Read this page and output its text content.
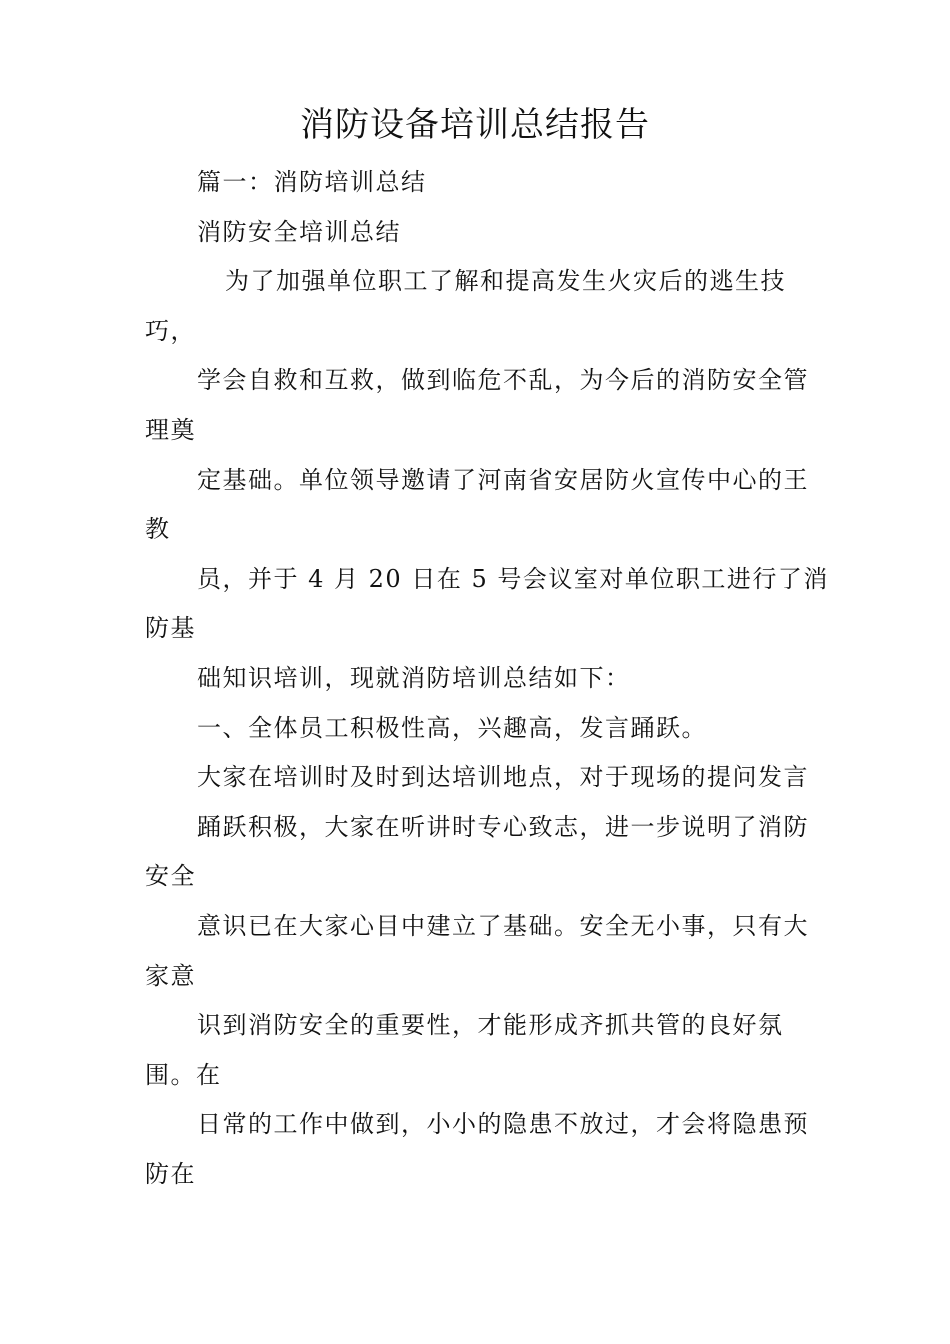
消防设备培训总结报告
篇一：消防培训总结
消防安全培训总结
为了加强单位职工了解和提高发生火灾后的逃生技
巧，
学会自救和互救，做到临危不乱，为今后的消防安全管
理奠
定基础。单位领导邀请了河南省安居防火宣传中心的王
教
员，并于 4 月 20 日在 5 号会议室对单位职工进行了消
防基
础知识培训，现就消防培训总结如下：
一、全体员工积极性高，兴趣高，发言踊跃。
大家在培训时及时到达培训地点，对于现场的提问发言
踊跃积极，大家在听讲时专心致志，进一步说明了消防
安全
意识已在大家心目中建立了基础。安全无小事，只有大
家意
识到消防安全的重要性，才能形成齐抓共管的良好氛
围。在
日常的工作中做到，小小的隐患不放过，才会将隐患预
防在
